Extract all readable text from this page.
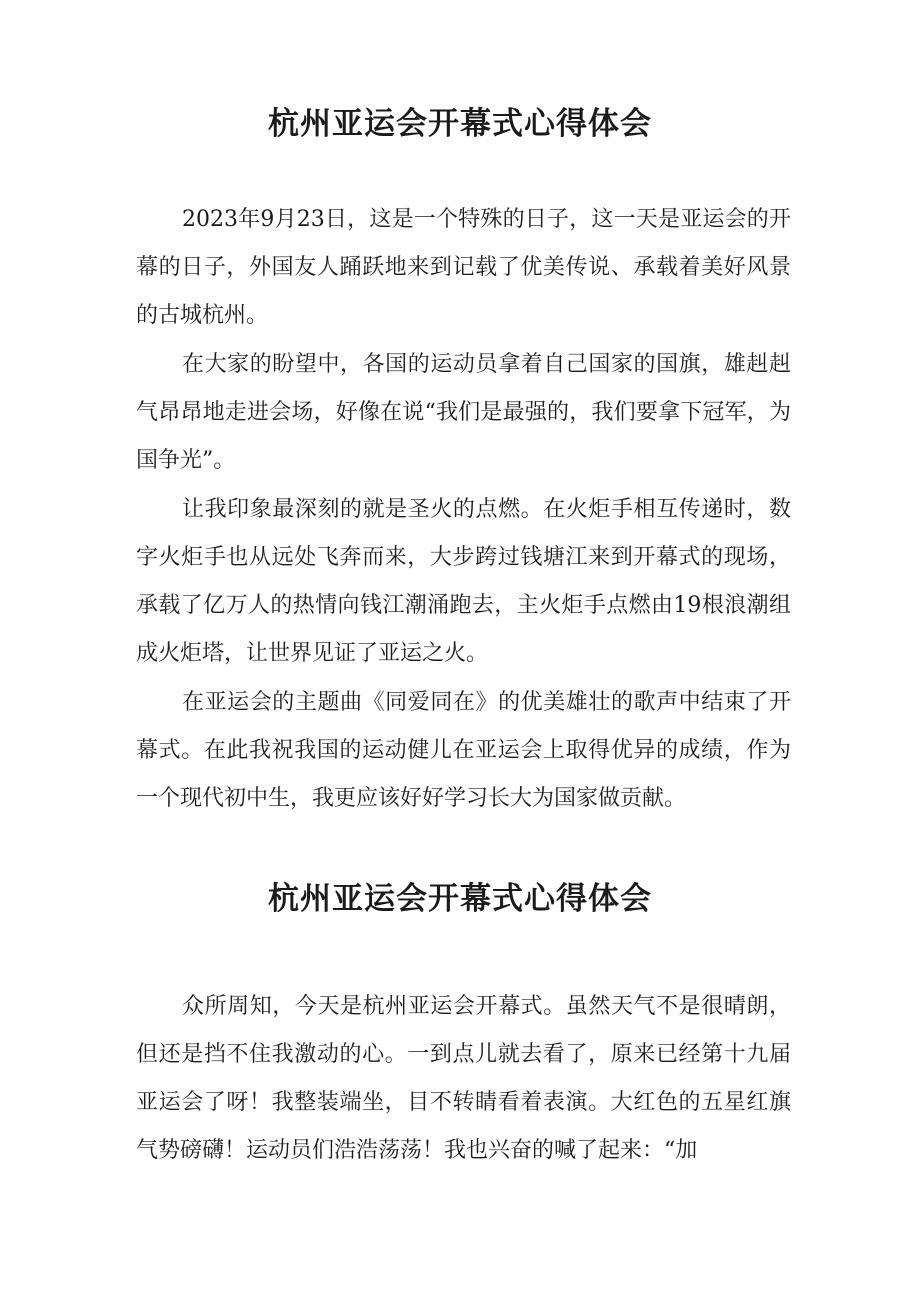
杭州亚运会开幕式心得体会

2023年9月23日，这是一个特殊的日子，这一天是亚运会的开幕的日子，外国友人踊跃地来到记载了优美传说、承载着美好风景的古城杭州。

在大家的盼望中，各国的运动员拿着自己国家的国旗，雄赳赳气昂昂地走进会场，好像在说“我们是最强的，我们要拿下冠军，为国争光”。

让我印象最深刻的就是圣火的点燃。在火炬手相互传递时，数字火炬手也从远处飞奔而来，大步跨过钱塘江来到开幕式的现场，承载了亿万人的热情向钱江潮涌跑去，主火炬手点燃由19根浪潮组成火炬塔，让世界见证了亚运之火。

在亚运会的主题曲《同爱同在》的优美雄壮的歌声中结束了开幕式。在此我祝我国的运动健儿在亚运会上取得优异的成绩，作为一个现代初中生，我更应该好好学习长大为国家做贡献。

杭州亚运会开幕式心得体会

众所周知，今天是杭州亚运会开幕式。虽然天气不是很晴朗，但还是挡不住我激动的心。一到点儿就去看了，原来已经第十九届亚运会了呀！我整装端坐，目不转睛看着表演。大红色的五星红旗气势磅礴！运动员们浩浩荡荡！我也兴奋的喊了起来：“加
